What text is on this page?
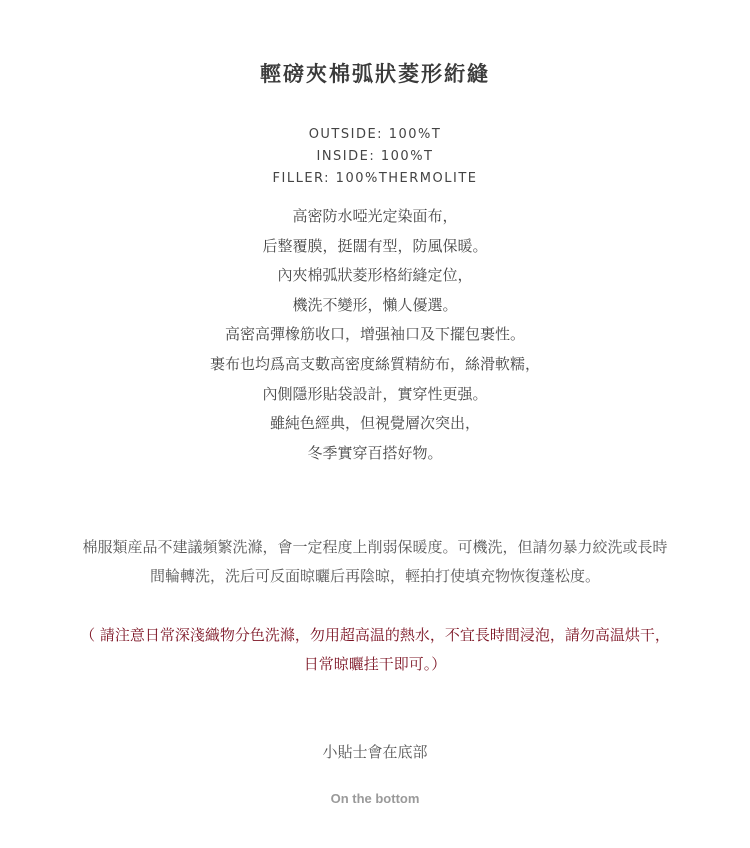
輕磅夾棉弧狀菱形絎縫
OUTSIDE: 100%T
INSIDE: 100%T
FILLER: 100%THERMOLITE
高密防水啞光定染面布，
后整覆膜，挺闊有型，防風保暖。
內夾棉弧狀菱形格絎縫定位，
機洗不變形，懶人優選。
高密高彈橡筋收口，增强袖口及下擺包裹性。
裹布也均爲高支數高密度絲質精紡布，絲滑軟糯，
內側隱形貼袋設計，實穿性更强。
雖純色經典，但視覺層次突出，
冬季實穿百搭好物。
棉服類産品不建議頻繁洗滌，會一定程度上削弱保暖度。可機洗，但請勿暴力絞洗或長時
間輪轉洗，洗后可反面晾曬后再陰晾，輕拍打使填充物恢復蓬松度。
（ 請注意日常深淺織物分色洗滌，勿用超高温的熱水，不宜長時間浸泡，請勿高温烘干，
日常晾曬挂干即可。）
小貼士會在底部
On the bottom
